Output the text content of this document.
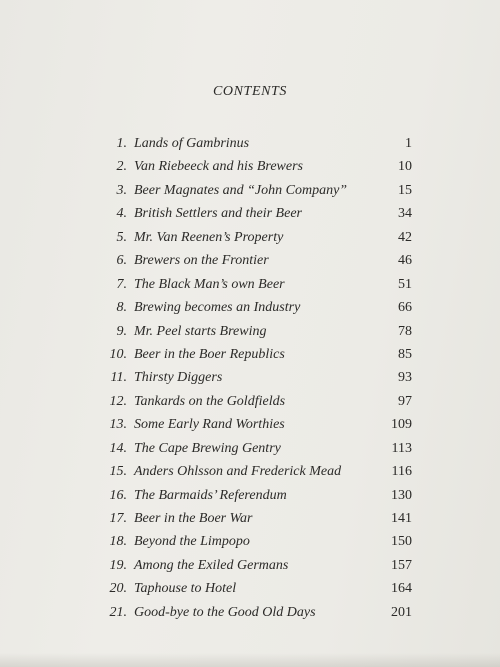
CONTENTS
1. Lands of Gambrinus	1
2. Van Riebeeck and his Brewers	10
3. Beer Magnates and “John Company”	15
4. British Settlers and their Beer	34
5. Mr. Van Reenen’s Property	42
6. Brewers on the Frontier	46
7. The Black Man’s own Beer	51
8. Brewing becomes an Industry	66
9. Mr. Peel starts Brewing	78
10. Beer in the Boer Republics	85
11. Thirsty Diggers	93
12. Tankards on the Goldfields	97
13. Some Early Rand Worthies	109
14. The Cape Brewing Gentry	113
15. Anders Ohlsson and Frederick Mead	116
16. The Barmaids’ Referendum	130
17. Beer in the Boer War	141
18. Beyond the Limpopo	150
19. Among the Exiled Germans	157
20. Taphouse to Hotel	164
21. Good-bye to the Good Old Days	201
